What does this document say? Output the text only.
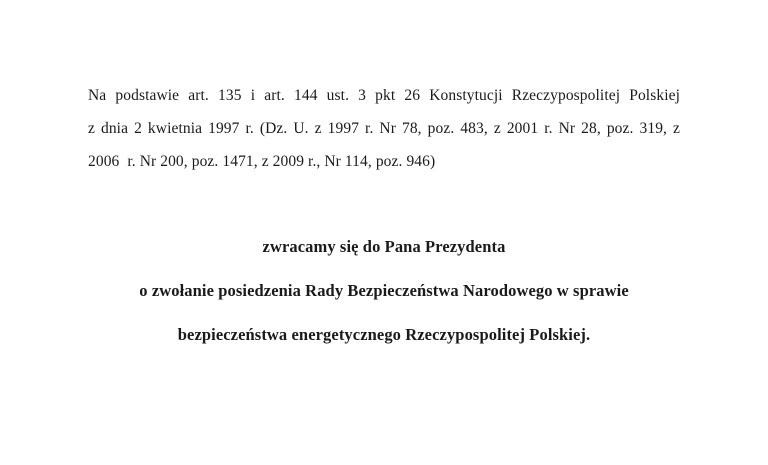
Na podstawie art. 135 i art. 144 ust. 3 pkt 26 Konstytucji Rzeczypospolitej Polskiej
z dnia 2 kwietnia 1997 r. (Dz. U. z 1997 r. Nr 78, poz. 483, z 2001 r. Nr 28, poz. 319, z
2006  r. Nr 200, poz. 1471, z 2009 r., Nr 114, poz. 946)
zwracamy się do Pana Prezydenta
o zwołanie posiedzenia Rady Bezpieczeństwa Narodowego w sprawie
bezpieczeństwa energetycznego Rzeczypospolitej Polskiej.
